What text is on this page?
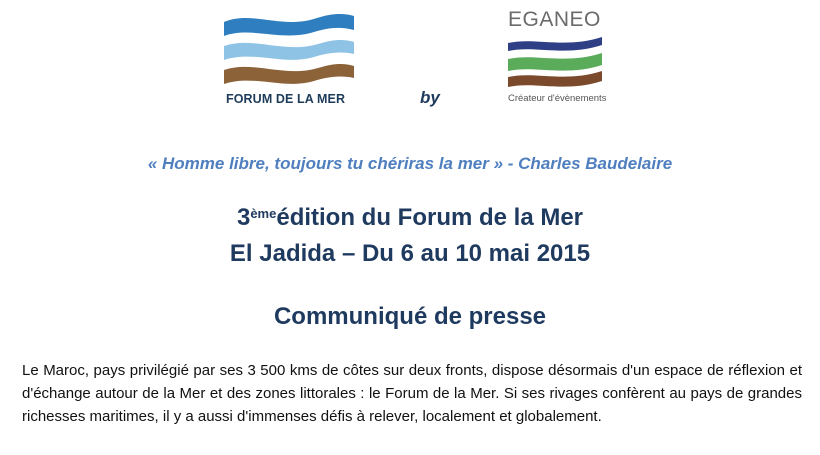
FORUM DE LA MER	by
EGANEO
Créateur d'évènements
« Homme libre, toujours tu chériras la mer » - Charles Baudelaire
3èmeédition du Forum de la Mer
El Jadida – Du 6 au 10 mai 2015
Communiqué de presse
Le Maroc, pays privilégié par ses 3 500 kms de côtes sur deux fronts, dispose désormais d'un espace de réflexion et d'échange autour de la Mer et des zones littorales : le Forum de la Mer. Si ses rivages confèrent au pays de grandes richesses maritimes, il y a aussi d'immenses défis à relever, localement et globalement.
